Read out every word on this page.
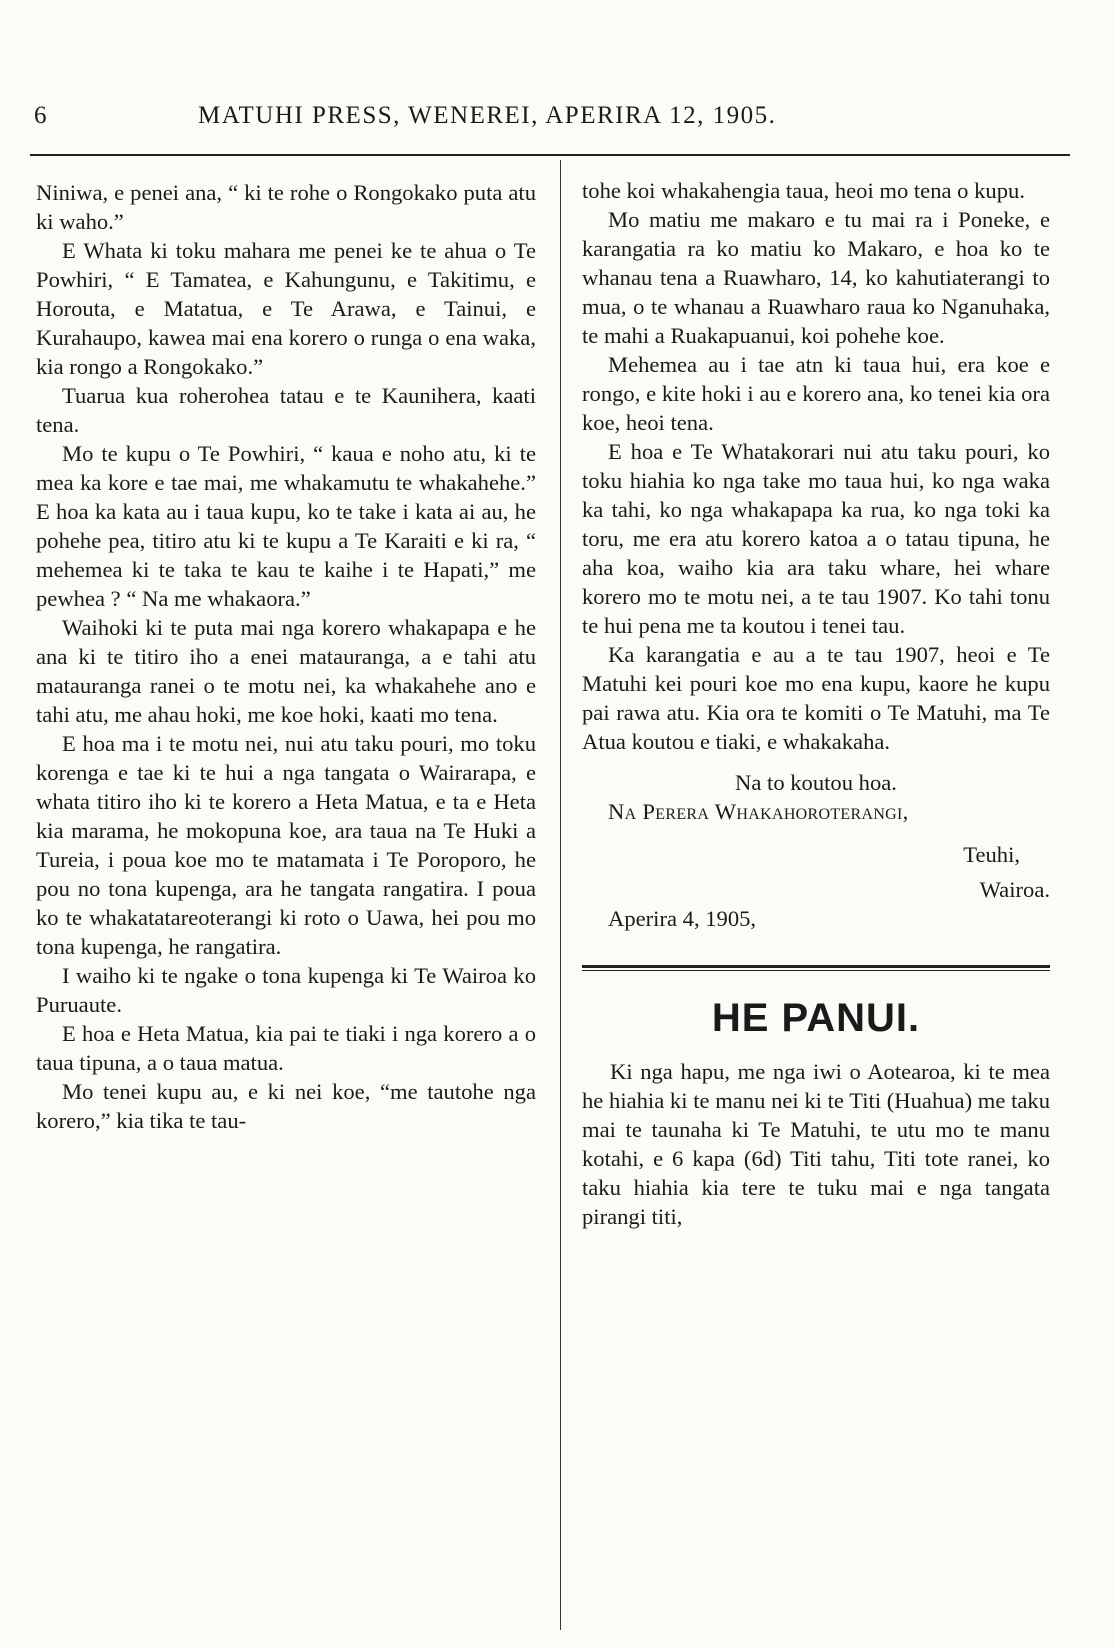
6	MATUHI PRESS, WENEREI, APERIRA 12, 1905.

Niniwa, e penei ana, “ ki te rohe o Rongokako puta atu ki waho.”

E Whata ki toku mahara me penei ke te ahua o Te Powhiri, “ E Tamatea, e Kahungunu, e Takitimu, e Horouta, e Matatua, e Te Arawa, e Tainui, e Kurahaupo, kawea mai ena korero o runga o ena waka, kia rongo a Rongokako.”

Tuarua kua roherohea tatau e te Kaunihera, kaati tena.

Mo te kupu o Te Powhiri, “ kaua e noho atu, ki te mea ka kore e tae mai, me whakamutu te whakahehe.” E hoa ka kata au i taua kupu, ko te take i kata ai au, he pohehe pea, titiro atu ki te kupu a Te Karaiti e ki ra, “ mehemea ki te taka te kau te kaihe i te Hapati,” me pewhea ? “ Na me whakaora.”

Waihoki ki te puta mai nga korero whakapapa e he ana ki te titiro iho a enei matauranga, a e tahi atu matauranga ranei o te motu nei, ka whakahehe ano e tahi atu, me ahau hoki, me koe hoki, kaati mo tena.

E hoa ma i te motu nei, nui atu taku pouri, mo toku korenga e tae ki te hui a nga tangata o Wairarapa, e whata titiro iho ki te korero a Heta Matua, e ta e Heta kia marama, he mokopuna koe, ara taua na Te Huki a Tureia, i poua koe mo te matamata i Te Poroporo, he pou no tona kupenga, ara he tangata rangatira. I poua ko te whakatatareoterangi ki roto o Uawa, hei pou mo tona kupenga, he rangatira.

I waiho ki te ngake o tona kupenga ki Te Wairoa ko Puruaute.

E hoa e Heta Matua, kia pai te tiaki i nga korero a o taua tipuna, a o taua matua.

Mo tenei kupu au, e ki nei koe, “me tautohe nga korero,” kia tika te tau-

tohe koi whakahengia taua, heoi mo tena o kupu.

Mo matiu me makaro e tu mai ra i Poneke, e karangatia ra ko matiu ko Makaro, e hoa ko te whanau tena a Ruawharo, 14, ko kahutiaterangi to mua, o te whanau a Ruawharo raua ko Nganuhaka, te mahi a Ruakapuanui, koi pohehe koe.

Mehemea au i tae atn ki taua hui, era koe e rongo, e kite hoki i au e korero ana, ko tenei kia ora koe, heoi tena.

E hoa e Te Whatakorari nui atu taku pouri, ko toku hiahia ko nga take mo taua hui, ko nga waka ka tahi, ko nga whakapapa ka rua, ko nga toki ka toru, me era atu korero katoa a o tatau tipuna, he aha koa, waiho kia ara taku whare, hei whare korero mo te motu nei, a te tau 1907. Ko tahi tonu te hui pena me ta koutou i tenei tau.

Ka karangatia e au a te tau 1907, heoi e Te Matuhi kei pouri koe mo ena kupu, kaore he kupu pai rawa atu. Kia ora te komiti o Te Matuhi, ma Te Atua koutou e tiaki, e whakakaha.

Na to koutou hoa.

Na Perera Whakahoroterangi,

Teuhi,
Wairoa.

Aperira 4, 1905,

HE PANUI.

Ki nga hapu, me nga iwi o Aotearoa, ki te mea he hiahia ki te manu nei ki te Titi (Huahua) me taku mai te taunaha ki Te Matuhi, te utu mo te manu kotahi, e 6 kapa (6d) Titi tahu, Titi tote ranei, ko taku hiahia kia tere te tuku mai e nga tangata pirangi titi,
